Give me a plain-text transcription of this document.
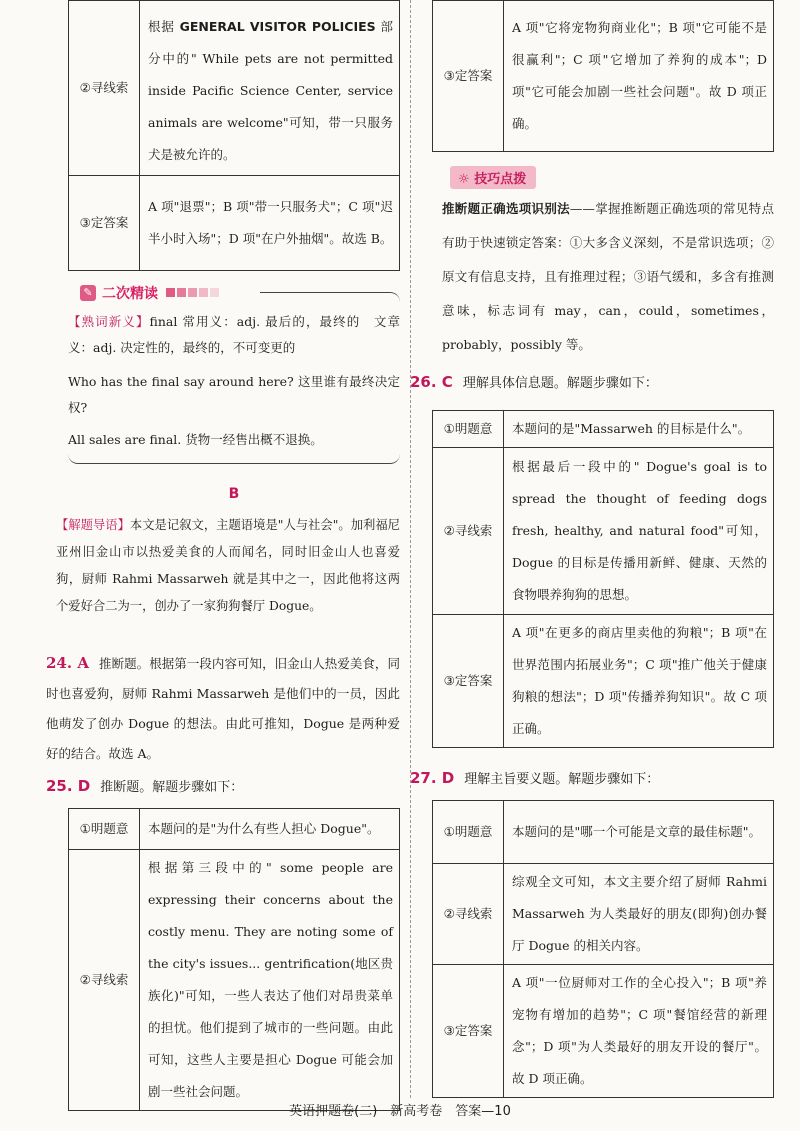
②寻线索	根据 GENERAL VISITOR POLICIES 部分中的" While pets are not permitted inside Pacific Science Center, service animals are welcome"可知，带一只服务犬是被允许的。
③定答案	A 项"退票"；B 项"带一只服务犬"；C 项"迟半小时入场"；D 项"在户外抽烟"。故选 B。
✎ 二次精读

【熟词新义】final 常用义：adj. 最后的，最终的　文章义：adj. 决定性的，最终的，不可变更的

Who has the final say around here? 这里谁有最终决定权?

All sales are final. 货物一经售出概不退换。

B

【解题导语】本文是记叙文，主题语境是"人与社会"。加利福尼亚州旧金山市以热爱美食的人而闻名，同时旧金山人也喜爱狗，厨师 Rahmi Massarweh 就是其中之一，因此他将这两个爱好合二为一，创办了一家狗狗餐厅 Dogue。

24. A 推断题。根据第一段内容可知，旧金山人热爱美食，同时也喜爱狗，厨师 Rahmi Massarweh 是他们中的一员，因此他萌发了创办 Dogue 的想法。由此可推知，Dogue 是两种爱好的结合。故选 A。

25. D 推断题。解题步骤如下：
①明题意	本题问的是"为什么有些人担心 Dogue"。
②寻线索	根据第三段中的" some people are expressing their concerns about the costly menu. They are noting some of the city's issues... gentrification(地区贵族化)"可知，一些人表达了他们对昂贵菜单的担忧。他们提到了城市的一些问题。由此可知，这些人主要是担心 Dogue 可能会加剧一些社会问题。
③定答案	A 项"它将宠物狗商业化"；B 项"它可能不是很赢利"；C 项"它增加了养狗的成本"；D 项"它可能会加剧一些社会问题"。故 D 项正确。
☼ 技巧点拨

推断题正确选项识别法——掌握推断题正确选项的常见特点有助于快速锁定答案：①大多含义深刻，不是常识选项；②原文有信息支持，且有推理过程；③语气缓和，多含有推测意味，标志词有 may，can，could，sometimes，probably，possibly 等。

26. C 理解具体信息题。解题步骤如下：
①明题意	本题问的是"Massarweh 的目标是什么"。
②寻线索	根据最后一段中的" Dogue's goal is to spread the thought of feeding dogs fresh, healthy, and natural food"可知，Dogue 的目标是传播用新鲜、健康、天然的食物喂养狗狗的思想。
③定答案	A 项"在更多的商店里卖他的狗粮"；B 项"在世界范围内拓展业务"；C 项"推广他关于健康狗粮的想法"；D 项"传播养狗知识"。故 C 项正确。
27. D 理解主旨要义题。解题步骤如下：
①明题意	本题问的是"哪一个可能是文章的最佳标题"。
②寻线索	综观全文可知，本文主要介绍了厨师 Rahmi Massarweh 为人类最好的朋友(即狗)创办餐厅 Dogue 的相关内容。
③定答案	A 项"一位厨师对工作的全心投入"；B 项"养宠物有增加的趋势"；C 项"餐馆经营的新理念"；D 项"为人类最好的朋友开设的餐厅"。故 D 项正确。
英语押题卷(二)　新高考卷　答案—10
